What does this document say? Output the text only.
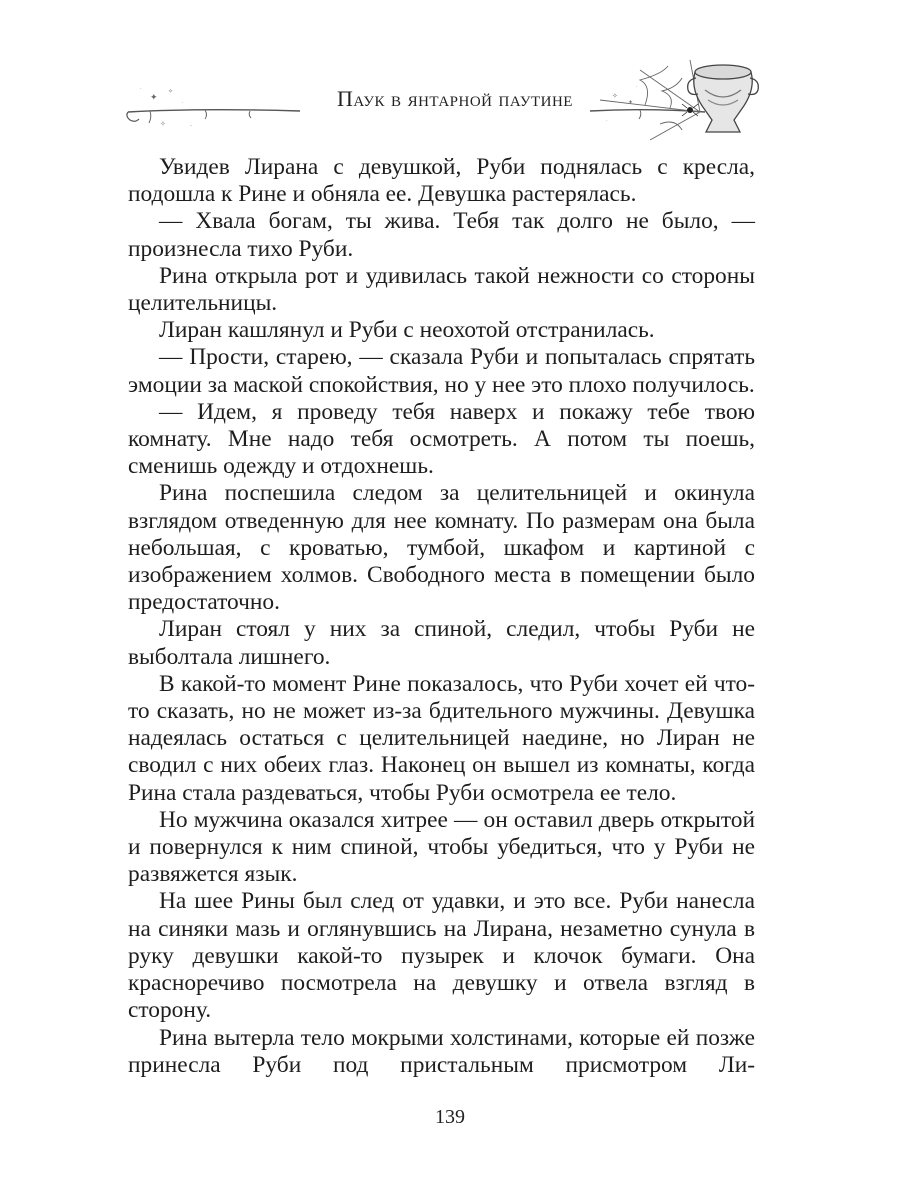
✦
✧
·
·
✧	·
✧
✦
·
·
Паук в янтарной паутине

Увидев Лирана с девушкой, Руби поднялась с кресла, подошла к Рине и обняла ее. Девушка растерялась.

— Хвала богам, ты жива. Тебя так долго не было, — произнесла тихо Руби.

Рина открыла рот и удивилась такой нежности со стороны целительницы.

Лиран кашлянул и Руби с неохотой отстранилась.

— Прости, старею, — сказала Руби и попыталась спрятать эмоции за маской спокойствия, но у нее это плохо получилось.

— Идем, я проведу тебя наверх и покажу тебе твою комнату. Мне надо тебя осмотреть. А потом ты поешь, сменишь одежду и отдохнешь.

Рина поспешила следом за целительницей и окинула взглядом отведенную для нее комнату. По размерам она была небольшая, с кроватью, тумбой, шкафом и картиной с изображением холмов. Свободного места в помещении было предостаточно.

Лиран стоял у них за спиной, следил, чтобы Руби не выболтала лишнего.

В какой-то момент Рине показалось, что Руби хочет ей что-то сказать, но не может из-за бдительного мужчины. Девушка надеялась остаться с целительницей наедине, но Лиран не сводил с них обеих глаз. Наконец он вышел из комнаты, когда Рина стала раздеваться, чтобы Руби осмотрела ее тело.

Но мужчина оказался хитрее — он оставил дверь открытой и повернулся к ним спиной, чтобы убедиться, что у Руби не развяжется язык.

На шее Рины был след от удавки, и это все. Руби нанесла на синяки мазь и оглянувшись на Лирана, незаметно сунула в руку девушки какой-то пузырек и клочок бумаги. Она красноречиво посмотрела на девушку и отвела взгляд в сторону.

Рина вытерла тело мокрыми холстинами, которые ей позже принесла Руби под пристальным присмотром Ли-

139
